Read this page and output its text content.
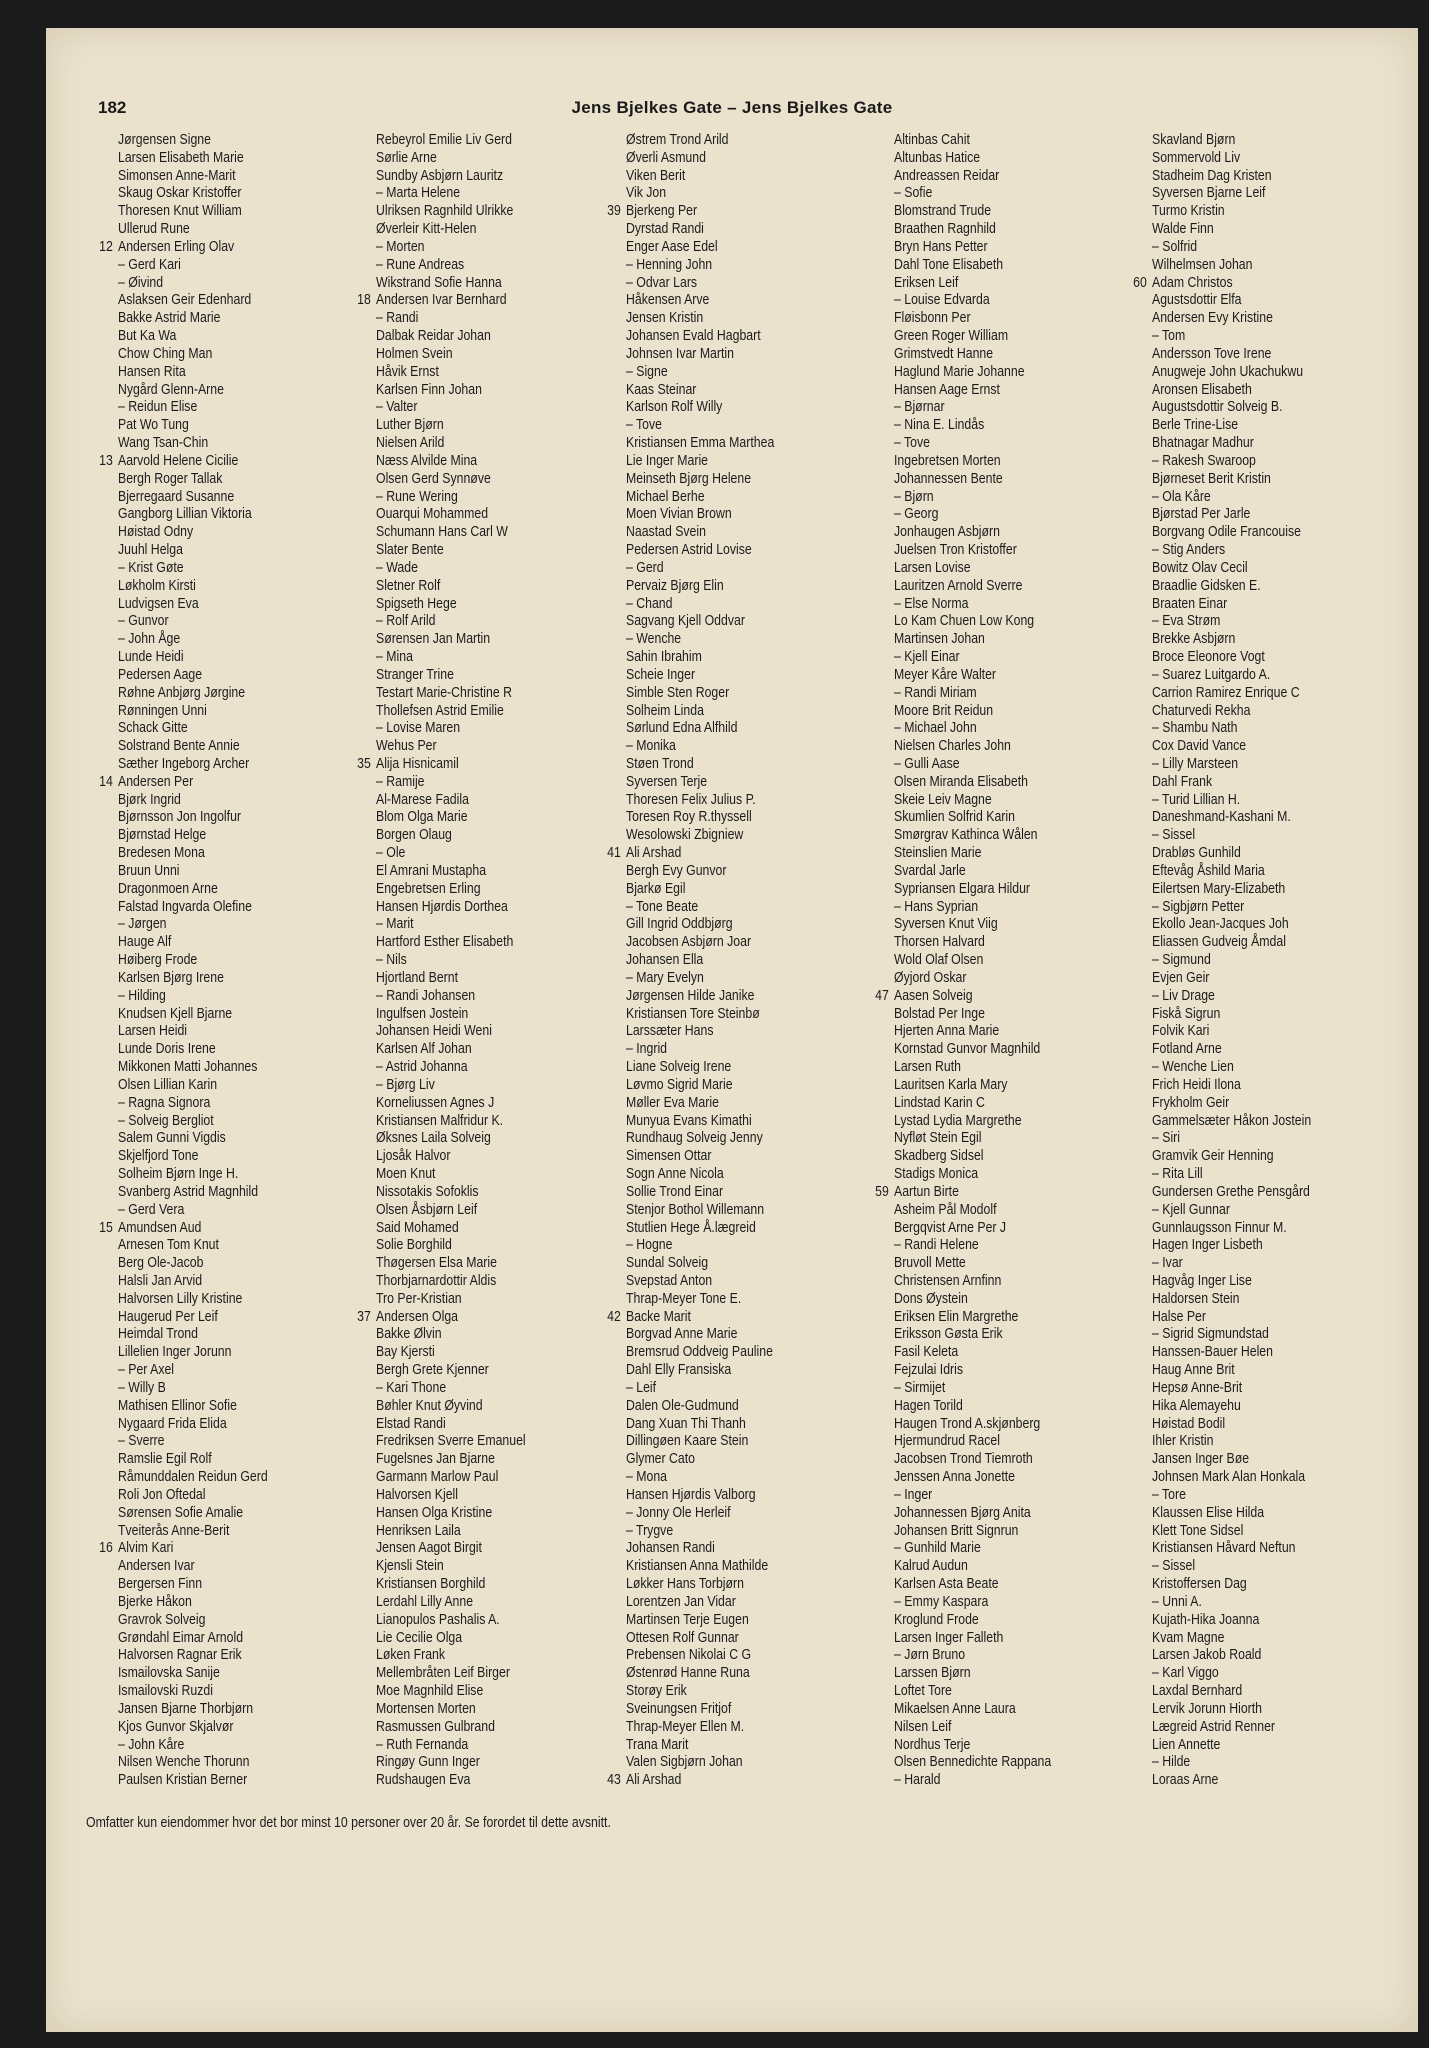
182	Jens Bjelkes Gate – Jens Bjelkes Gate
Jørgensen Signe
Larsen Elisabeth Marie
Simonsen Anne-Marit
Skaug Oskar Kristoffer
Thoresen Knut William
Ullerud Rune
12 Andersen Erling Olav
– Gerd Kari
– Øivind
Aslaksen Geir Edenhard
Bakke Astrid Marie
But Ka Wa
Chow Ching Man
Hansen Rita
Nygård Glenn-Arne
– Reidun Elise
Pat Wo Tung
Wang Tsan-Chin
13 Aarvold Helene Cicilie
Bergh Roger Tallak
Bjerregaard Susanne
Gangborg Lillian Viktoria
Høistad Odny
Juuhl Helga
– Krist Gøte
Løkholm Kirsti
Ludvigsen Eva
– Gunvor
– John Åge
Lunde Heidi
Pedersen Aage
Røhne Anbjørg Jørgine
Rønningen Unni
Schack Gitte
Solstrand Bente Annie
Sæther Ingeborg Archer
14 Andersen Per
Bjørk Ingrid
Bjørnsson Jon Ingolfur
Bjørnstad Helge
Bredesen Mona
Bruun Unni
Dragonmoen Arne
Falstad Ingvarda Olefine
– Jørgen
Hauge Alf
Høiberg Frode
Karlsen Bjørg Irene
– Hilding
Knudsen Kjell Bjarne
Larsen Heidi
Lunde Doris Irene
Mikkonen Matti Johannes
Olsen Lillian Karin
– Ragna Signora
– Solveig Bergliot
Salem Gunni Vigdis
Skjelfjord Tone
Solheim Bjørn Inge H.
Svanberg Astrid Magnhild
– Gerd Vera
15 Amundsen Aud
Arnesen Tom Knut
Berg Ole-Jacob
Halsli Jan Arvid
Halvorsen Lilly Kristine
Haugerud Per Leif
Heimdal Trond
Lillelien Inger Jorunn
– Per Axel
– Willy B
Mathisen Ellinor Sofie
Nygaard Frida Elida
– Sverre
Ramslie Egil Rolf
Råmunddalen Reidun Gerd
Roli Jon Oftedal
Sørensen Sofie Amalie
Tveiterås Anne-Berit
16 Alvim Kari
Andersen Ivar
Bergersen Finn
Bjerke Håkon
Gravrok Solveig
Grøndahl Eimar Arnold
Halvorsen Ragnar Erik
Ismailovska Sanije
Ismailovski Ruzdi
Jansen Bjarne Thorbjørn
Kjos Gunvor Skjalvør
– John Kåre
Nilsen Wenche Thorunn
Paulsen Kristian Berner
Rebeyrol Emilie Liv Gerd
Sørlie Arne
Sundby Asbjørn Lauritz
– Marta Helene
Ulriksen Ragnhild Ulrikke
Øverleir Kitt-Helen
– Morten
– Rune Andreas
Wikstrand Sofie Hanna
18 Andersen Ivar Bernhard
– Randi
Dalbak Reidar Johan
Holmen Svein
Håvik Ernst
Karlsen Finn Johan
– Valter
Luther Bjørn
Nielsen Arild
Næss Alvilde Mina
Olsen Gerd Synnøve
– Rune Wering
Ouarqui Mohammed
Schumann Hans Carl W
Slater Bente
– Wade
Sletner Rolf
Spigseth Hege
– Rolf Arild
Sørensen Jan Martin
– Mina
Stranger Trine
Testart Marie-Christine R
Thollefsen Astrid Emilie
– Lovise Maren
Wehus Per
35 Alija Hisnicamil
– Ramije
Al-Marese Fadila
Blom Olga Marie
Borgen Olaug
– Ole
El Amrani Mustapha
Engebretsen Erling
Hansen Hjørdis Dorthea
– Marit
Hartford Esther Elisabeth
– Nils
Hjortland Bernt
– Randi Johansen
Ingulfsen Jostein
Johansen Heidi Weni
Karlsen Alf Johan
– Astrid Johanna
– Bjørg Liv
Korneliussen Agnes J
Kristiansen Malfridur K.
Øksnes Laila Solveig
Ljosåk Halvor
Moen Knut
Nissotakis Sofoklis
Olsen Åsbjørn Leif
Said Mohamed
Solie Borghild
Thøgersen Elsa Marie
Thorbjarnardottir Aldis
Tro Per-Kristian
37 Andersen Olga
Bakke Ølvin
Bay Kjersti
Bergh Grete Kjenner
– Kari Thone
Bøhler Knut Øyvind
Elstad Randi
Fredriksen Sverre Emanuel
Fugelsnes Jan Bjarne
Garmann Marlow Paul
Halvorsen Kjell
Hansen Olga Kristine
Henriksen Laila
Jensen Aagot Birgit
Kjensli Stein
Kristiansen Borghild
Lerdahl Lilly Anne
Lianopulos Pashalis A.
Lie Cecilie Olga
Løken Frank
Mellembråten Leif Birger
Moe Magnhild Elise
Mortensen Morten
Rasmussen Gulbrand
– Ruth Fernanda
Ringøy Gunn Inger
Rudshaugen Eva
Østrem Trond Arild
Øverli Asmund
Viken Berit
Vik Jon
39 Bjerkeng Per
Dyrstad Randi
Enger Aase Edel
– Henning John
– Odvar Lars
Håkensen Arve
Jensen Kristin
Johansen Evald Hagbart
Johnsen Ivar Martin
– Signe
Kaas Steinar
Karlson Rolf Willy
– Tove
Kristiansen Emma Marthea
Lie Inger Marie
Meinseth Bjørg Helene
Michael Berhe
Moen Vivian Brown
Naastad Svein
Pedersen Astrid Lovise
– Gerd
Pervaiz Bjørg Elin
– Chand
Sagvang Kjell Oddvar
– Wenche
Sahin Ibrahim
Scheie Inger
Simble Sten Roger
Solheim Linda
Sørlund Edna Alfhild
– Monika
Støen Trond
Syversen Terje
Thoresen Felix Julius P.
Toresen Roy R.thyssell
Wesolowski Zbigniew
41 Ali Arshad
Bergh Evy Gunvor
Bjarkø Egil
– Tone Beate
Gill Ingrid Oddbjørg
Jacobsen Asbjørn Joar
Johansen Ella
– Mary Evelyn
Jørgensen Hilde Janike
Kristiansen Tore Steinbø
Larssæter Hans
– Ingrid
Liane Solveig Irene
Løvmo Sigrid Marie
Møller Eva Marie
Munyua Evans Kimathi
Rundhaug Solveig Jenny
Simensen Ottar
Sogn Anne Nicola
Sollie Trond Einar
Stenjor Bothol Willemann
Stutlien Hege Å.lægreid
– Hogne
Sundal Solveig
Svepstad Anton
Thrap-Meyer Tone E.
42 Backe Marit
Borgvad Anne Marie
Bremsrud Oddveig Pauline
Dahl Elly Fransiska
– Leif
Dalen Ole-Gudmund
Dang Xuan Thi Thanh
Dillingøen Kaare Stein
Glymer Cato
– Mona
Hansen Hjørdis Valborg
– Jonny Ole Herleif
– Trygve
Johansen Randi
Kristiansen Anna Mathilde
Løkker Hans Torbjørn
Lorentzen Jan Vidar
Martinsen Terje Eugen
Ottesen Rolf Gunnar
Prebensen Nikolai C G
Østenrød Hanne Runa
Storøy Erik
Sveinungsen Fritjof
Thrap-Meyer Ellen M.
Trana Marit
Valen Sigbjørn Johan
43 Ali Arshad
Altinbas Cahit
Altunbas Hatice
Andreassen Reidar
– Sofie
Blomstrand Trude
Braathen Ragnhild
Bryn Hans Petter
Dahl Tone Elisabeth
Eriksen Leif
– Louise Edvarda
Fløisbonn Per
Green Roger William
Grimstvedt Hanne
Haglund Marie Johanne
Hansen Aage Ernst
– Bjørnar
– Nina E. Lindås
– Tove
Ingebretsen Morten
Johannessen Bente
– Bjørn
– Georg
Jonhaugen Asbjørn
Juelsen Tron Kristoffer
Larsen Lovise
Lauritzen Arnold Sverre
– Else Norma
Lo Kam Chuen Low Kong
Martinsen Johan
– Kjell Einar
Meyer Kåre Walter
– Randi Miriam
Moore Brit Reidun
– Michael John
Nielsen Charles John
– Gulli Aase
Olsen Miranda Elisabeth
Skeie Leiv Magne
Skumlien Solfrid Karin
Smørgrav Kathinca Wålen
Steinslien Marie
Svardal Jarle
Sypriansen Elgara Hildur
– Hans Syprian
Syversen Knut Viig
Thorsen Halvard
Wold Olaf Olsen
Øyjord Oskar
47 Aasen Solveig
Bolstad Per Inge
Hjerten Anna Marie
Kornstad Gunvor Magnhild
Larsen Ruth
Lauritsen Karla Mary
Lindstad Karin C
Lystad Lydia Margrethe
Nyfløt Stein Egil
Skadberg Sidsel
Stadigs Monica
59 Aartun Birte
Asheim Pål Modolf
Bergqvist Arne Per J
– Randi Helene
Bruvoll Mette
Christensen Arnfinn
Dons Øystein
Eriksen Elin Margrethe
Eriksson Gøsta Erik
Fasil Keleta
Fejzulai Idris
– Sirmijet
Hagen Torild
Haugen Trond A.skjønberg
Hjermundrud Racel
Jacobsen Trond Tiemroth
Jenssen Anna Jonette
– Inger
Johannessen Bjørg Anita
Johansen Britt Signrun
– Gunhild Marie
Kalrud Audun
Karlsen Asta Beate
– Emmy Kaspara
Kroglund Frode
Larsen Inger Falleth
– Jørn Bruno
Larssen Bjørn
Loftet Tore
Mikaelsen Anne Laura
Nilsen Leif
Nordhus Terje
Olsen Bennedichte Rappana
– Harald
Skavland Bjørn
Sommervold Liv
Stadheim Dag Kristen
Syversen Bjarne Leif
Turmo Kristin
Walde Finn
– Solfrid
Wilhelmsen Johan
60 Adam Christos
Agustsdottir Elfa
Andersen Evy Kristine
– Tom
Andersson Tove Irene
Anugweje John Ukachukwu
Aronsen Elisabeth
Augustsdottir Solveig B.
Berle Trine-Lise
Bhatnagar Madhur
– Rakesh Swaroop
Bjørneset Berit Kristin
– Ola Kåre
Bjørstad Per Jarle
Borgvang Odile Francouise
– Stig Anders
Bowitz Olav Cecil
Braadlie Gidsken E.
Braaten Einar
– Eva Strøm
Brekke Asbjørn
Broce Eleonore Vogt
– Suarez Luitgardo A.
Carrion Ramirez Enrique C
Chaturvedi Rekha
– Shambu Nath
Cox David Vance
– Lilly Marsteen
Dahl Frank
– Turid Lillian H.
Daneshmand-Kashani M.
– Sissel
Drabløs Gunhild
Eftevåg Åshild Maria
Eilertsen Mary-Elizabeth
– Sigbjørn Petter
Ekollo Jean-Jacques Joh
Eliassen Gudveig Åmdal
– Sigmund
Evjen Geir
– Liv Drage
Fiskå Sigrun
Folvik Kari
Fotland Arne
– Wenche Lien
Frich Heidi Ilona
Frykholm Geir
Gammelsæter Håkon Jostein
– Siri
Gramvik Geir Henning
– Rita Lill
Gundersen Grethe Pensgård
– Kjell Gunnar
Gunnlaugsson Finnur M.
Hagen Inger Lisbeth
– Ivar
Hagvåg Inger Lise
Haldorsen Stein
Halse Per
– Sigrid Sigmundstad
Hanssen-Bauer Helen
Haug Anne Brit
Hepsø Anne-Brit
Hika Alemayehu
Høistad Bodil
Ihler Kristin
Jansen Inger Bøe
Johnsen Mark Alan Honkala
– Tore
Klaussen Elise Hilda
Klett Tone Sidsel
Kristiansen Håvard Neftun
– Sissel
Kristoffersen Dag
– Unni A.
Kujath-Hika Joanna
Kvam Magne
Larsen Jakob Roald
– Karl Viggo
Laxdal Bernhard
Lervik Jorunn Hiorth
Lægreid Astrid Renner
Lien Annette
– Hilde
Loraas Arne
Omfatter kun eiendommer hvor det bor minst 10 personer over 20 år. Se forordet til dette avsnitt.
